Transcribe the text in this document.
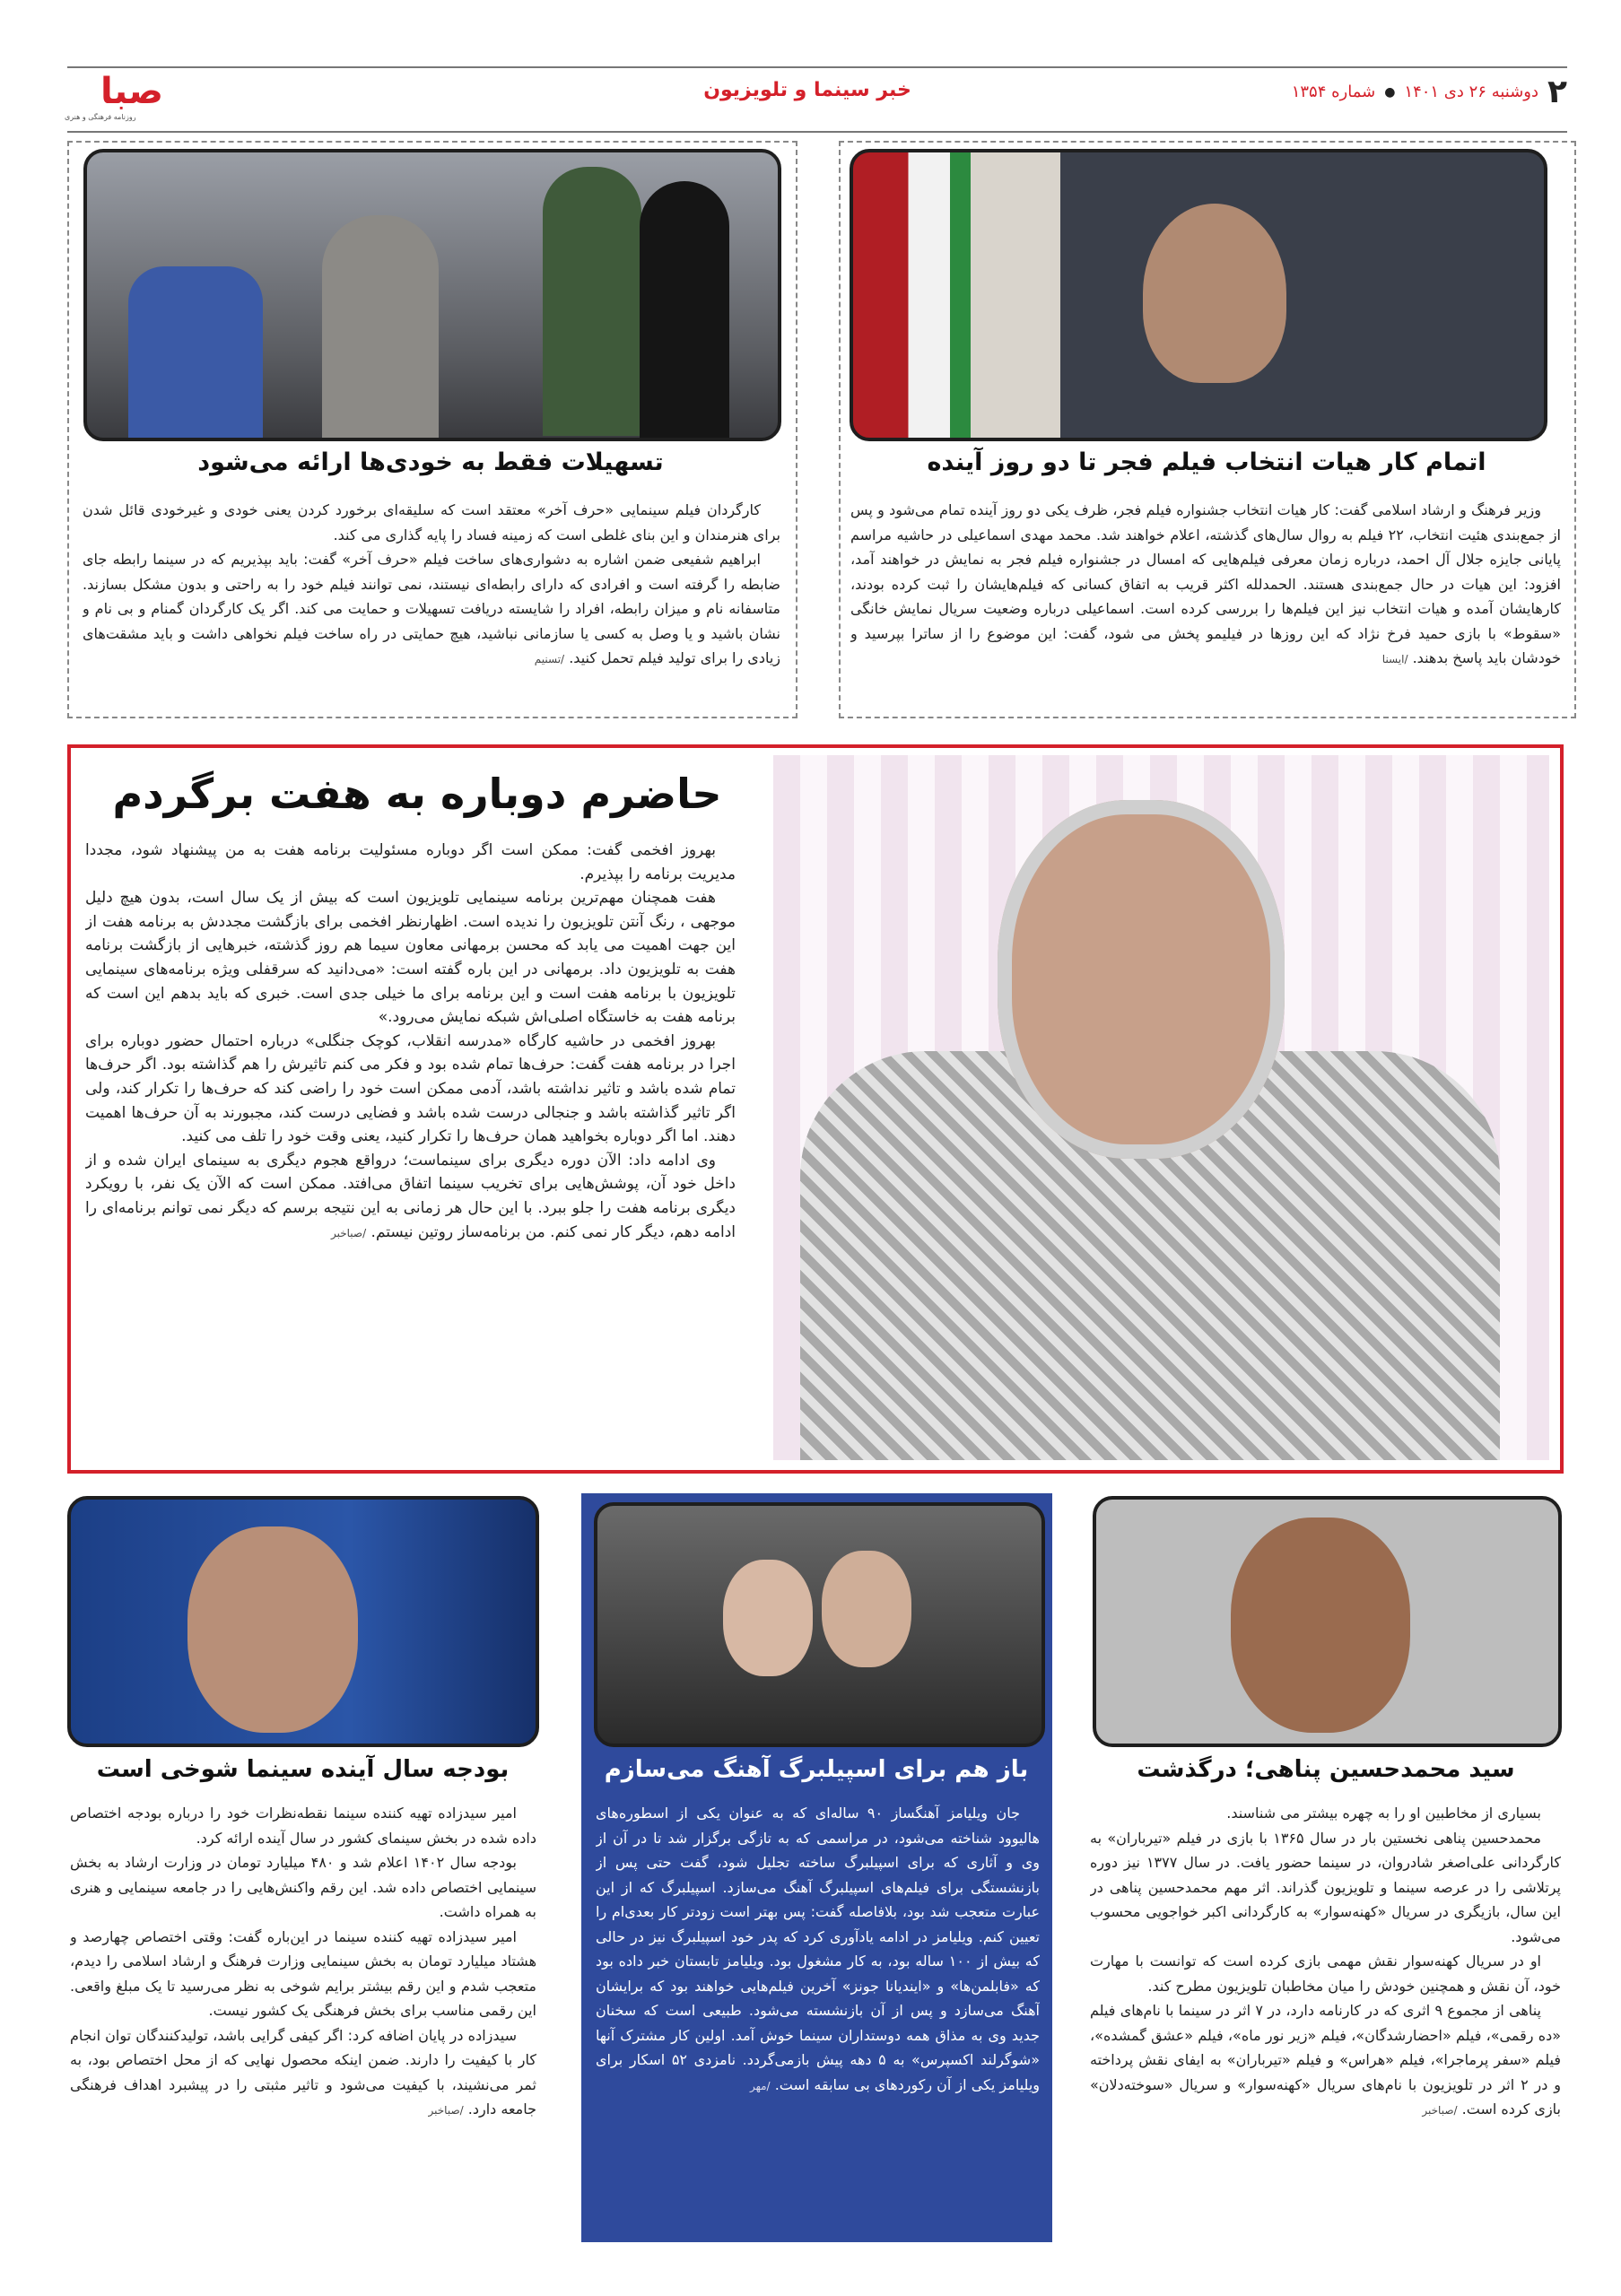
صبا
روزنامه فرهنگی و هنری
خبر سینما و تلویزیون	۲
دوشنبه ۲۶ دی ۱۴۰۱
●
شماره ۱۳۵۴
اتمام کار هیات انتخاب فیلم فجر تا دو روز آینده

وزیر فرهنگ و ارشاد اسلامی گفت: کار هیات انتخاب جشنواره فیلم فجر، ظرف یکی دو روز آینده تمام می‌شود و پس از جمع‌بندی هئیت انتخاب، ۲۲ فیلم به روال سال‌های گذشته، اعلام خواهند شد. محمد مهدی اسماعیلی در حاشیه مراسم پایانی جایزه جلال آل احمد، درباره زمان معرفی فیلم‌هایی که امسال در جشنواره فیلم فجر به نمایش در خواهند آمد، افزود: این هیات در حال جمع‌بندی هستند. الحمدلله اکثر قریب به اتفاق کسانی که فیلم‌هایشان را ثبت کرده بودند، کارهایشان آمده و هیات انتخاب نیز این فیلم‌ها را بررسی کرده است. اسماعیلی درباره وضعیت سریال نمایش خانگی «سقوط» با بازی حمید فرخ نژاد که این روزها در فیلیمو پخش می شود، گفت: این موضوع را از ساترا بپرسید و خودشان باید پاسخ بدهند. /ایسنا

تسهیلات فقط به خودی‌ها ارائه می‌شود

کارگردان فیلم سینمایی «حرف آخر» معتقد است که سلیقه‌ای برخورد کردن یعنی خودی و غیرخودی قائل شدن برای هنرمندان و این بنای غلطی است که زمینه فساد را پایه گذاری می کند.

ابراهیم شفیعی ضمن اشاره به دشواری‌های ساخت فیلم «حرف آخر» گفت: باید بپذیریم که در سینما رابطه جای ضابطه را گرفته است و افرادی که دارای رابطه‌ای نیستند، نمی توانند فیلم خود را به راحتی و بدون مشکل بسازند. متاسفانه نام و میزان رابطه، افراد را شایسته دریافت تسهیلات و حمایت می کند. اگر یک کارگردان گمنام و بی نام و نشان باشید و یا وصل به کسی یا سازمانی نباشید، هیچ حمایتی در راه ساخت فیلم نخواهی داشت و باید مشقت‌های زیادی را برای تولید فیلم تحمل کنید. /تسنیم

حاضرم دوباره به هفت برگردم

بهروز افخمی گفت: ممکن است اگر دوباره مسئولیت برنامه هفت به من پیشنهاد شود، مجددا مدیریت برنامه را بپذیرم.

هفت همچنان مهم‌ترین برنامه سینمایی تلویزیون است که بیش از یک سال است، بدون هیچ دلیل موجهی ، رنگ آنتن تلویزیون را ندیده است. اظهارنظر افخمی برای بازگشت مجددش به برنامه هفت از این جهت اهمیت می یابد که محسن برمهانی معاون سیما هم روز گذشته، خبرهایی از بازگشت برنامه هفت به تلویزیون داد. برمهانی در این باره گفته است: «می‌دانید که سرقفلی ویژه برنامه‌های سینمایی تلویزیون با برنامه هفت است و این برنامه برای ما خیلی جدی است. خبری که باید بدهم این است که برنامه هفت به خاستگاه اصلی‌اش شبکه نمایش می‌رود.»

بهروز افخمی در حاشیه کارگاه «مدرسه انقلاب، کوچک جنگلی» درباره احتمال حضور دوباره برای اجرا در برنامه هفت گفت: حرف‌ها تمام شده بود و فکر می کنم تاثیرش را هم گذاشته بود. اگر حرف‌ها تمام شده باشد و تاثیر نداشته باشد، آدمی ممکن است خود را راضی کند که حرف‌ها را تکرار کند، ولی اگر تاثیر گذاشته باشد و جنجالی درست شده باشد و فضایی درست کند، مجبورند به آن حرف‌ها اهمیت دهند. اما اگر دوباره بخواهید همان حرف‌ها را تکرار کنید، یعنی وقت خود را تلف می کنید.

وی ادامه داد: الآن دوره دیگری برای سینماست؛ درواقع هجوم دیگری به سینمای ایران شده و از داخل خود آن، پوشش‌هایی برای تخریب سینما اتفاق می‌افتد. ممکن است که الآن یک نفر، با رویکرد دیگری برنامه هفت را جلو ببرد. با این حال هر زمانی به این نتیجه برسم که دیگر نمی توانم برنامه‌ای را ادامه دهم، دیگر کار نمی کنم. من برنامه‌ساز روتین نیستم. /صباخبر

سید محمدحسین پناهی؛ درگذشت

بسیاری از مخاطبین او را به چهره بیشتر می شناسند.

محمدحسین پناهی نخستین بار در سال ۱۳۶۵ با بازی در فیلم «تیرباران» به کارگردانی علی‌اصغر شادروان، در سینما حضور یافت. در سال ۱۳۷۷ نیز دوره پرتلاشی را در عرصه سینما و تلویزیون گذراند. اثر مهم محمدحسین پناهی در این سال، بازیگری در سریال «کهنه‌سوار» به کارگردانی اکبر خواجویی محسوب می‌شود.

او در سریال کهنه‌سوار نقش مهمی بازی کرده است که توانست با مهارت خود، آن نقش و همچنین خودش را میان مخاطبان تلویزیون مطرح کند.

پناهی از مجموع ۹ اثری که در کارنامه دارد، در ۷ اثر در سینما با نام‌های فیلم «ده رقمی»، فیلم «احضارشدگان»، فیلم «زیر نور ماه»، فیلم «عشق گمشده»، فیلم «سفر پرماجرا»، فیلم «هراس» و فیلم «تیرباران» به ایفای نقش پرداخته و در ۲ اثر در تلویزیون با نام‌های سریال «کهنه‌سوار» و سریال «سوخته‌دلان» بازی کرده است. /صباخبر

باز هم برای اسپیلبرگ آهنگ می‌سازم

جان ویلیامز آهنگساز ۹۰ ساله‌ای که به عنوان یکی از اسطوره‌های هالیوود شناخته می‌شود، در مراسمی که به تازگی برگزار شد تا در آن از وی و آثاری که برای اسپیلبرگ ساخته تجلیل شود، گفت حتی پس از بازنشستگی برای فیلم‌های اسپیلبرگ آهنگ می‌سازد. اسپیلبرگ که از این عبارت متعجب شد بود، بلافاصله گفت: پس بهتر است زودتر کار بعدی‌ام را تعیین کنم. ویلیامز در ادامه یادآوری کرد که پدر خود اسپیلبرگ نیز در حالی که بیش از ۱۰۰ ساله بود، به کار مشغول بود. ویلیامز تابستان خبر داده بود که «فابلمن‌ها» و «ایندیانا جونز» آخرین فیلم‌هایی خواهند بود که برایشان آهنگ می‌سازد و پس از آن بازنشسته می‌شود. طبیعی است که سخنان جدید وی به مذاق همه دوستداران سینما خوش آمد. اولین کار مشترک آنها «شوگرلند اکسپرس» به ۵ دهه پیش بازمی‌گردد. نامزدی ۵۲ اسکار برای ویلیامز یکی از آن رکوردهای بی سابقه است. /مهر

بودجه سال آینده سینما شوخی است

امیر سیدزاده تهیه کننده سینما نقطه‌نظرات خود را درباره بودجه اختصاص داده شده در بخش سینمای کشور در سال آینده ارائه کرد.

بودجه سال ۱۴۰۲ اعلام شد و ۴۸۰ میلیارد تومان در وزارت ارشاد به بخش سینمایی اختصاص داده شد. این رقم واکنش‌هایی را در جامعه سینمایی و هنری به همراه داشت.

امیر سیدزاده تهیه کننده سینما در این‌باره گفت: وقتی اختصاص چهارصد و هشتاد میلیارد تومان به بخش سینمایی وزارت فرهنگ و ارشاد اسلامی را دیدم، متعجب شدم و این رقم بیشتر برایم شوخی به نظر می‌رسید تا یک مبلغ واقعی. این رقمی مناسب برای بخش فرهنگی یک کشور نیست.

سیدزاده در پایان اضافه کرد: اگر کیفی گرایی باشد، تولیدکنندگان توان انجام کار با کیفیت را دارند. ضمن اینکه محصول نهایی که از محل اختصاص بود، به ثمر می‌نشیند، با کیفیت می‌شود و تاثیر مثبتی را در پیشبرد اهداف فرهنگی جامعه دارد. /صباخبر
